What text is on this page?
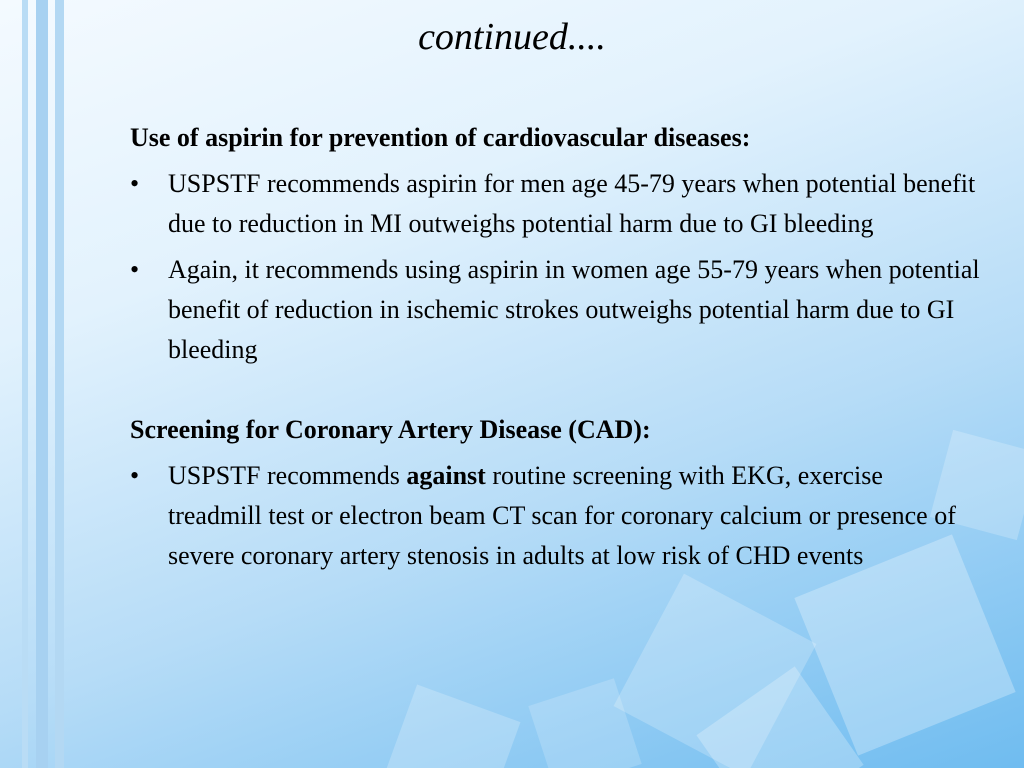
continued....
Use of aspirin for prevention of cardiovascular diseases:
• USPSTF recommends aspirin for men age 45-79 years when potential benefit due to reduction in MI outweighs potential harm due to GI bleeding
• Again, it recommends using aspirin in women age 55-79 years when potential benefit of reduction in ischemic strokes outweighs potential harm due to GI bleeding
Screening for Coronary Artery Disease (CAD):
• USPSTF recommends against routine screening with EKG, exercise treadmill test or electron beam CT scan for coronary calcium or presence of severe coronary artery stenosis in adults at low risk of CHD events
